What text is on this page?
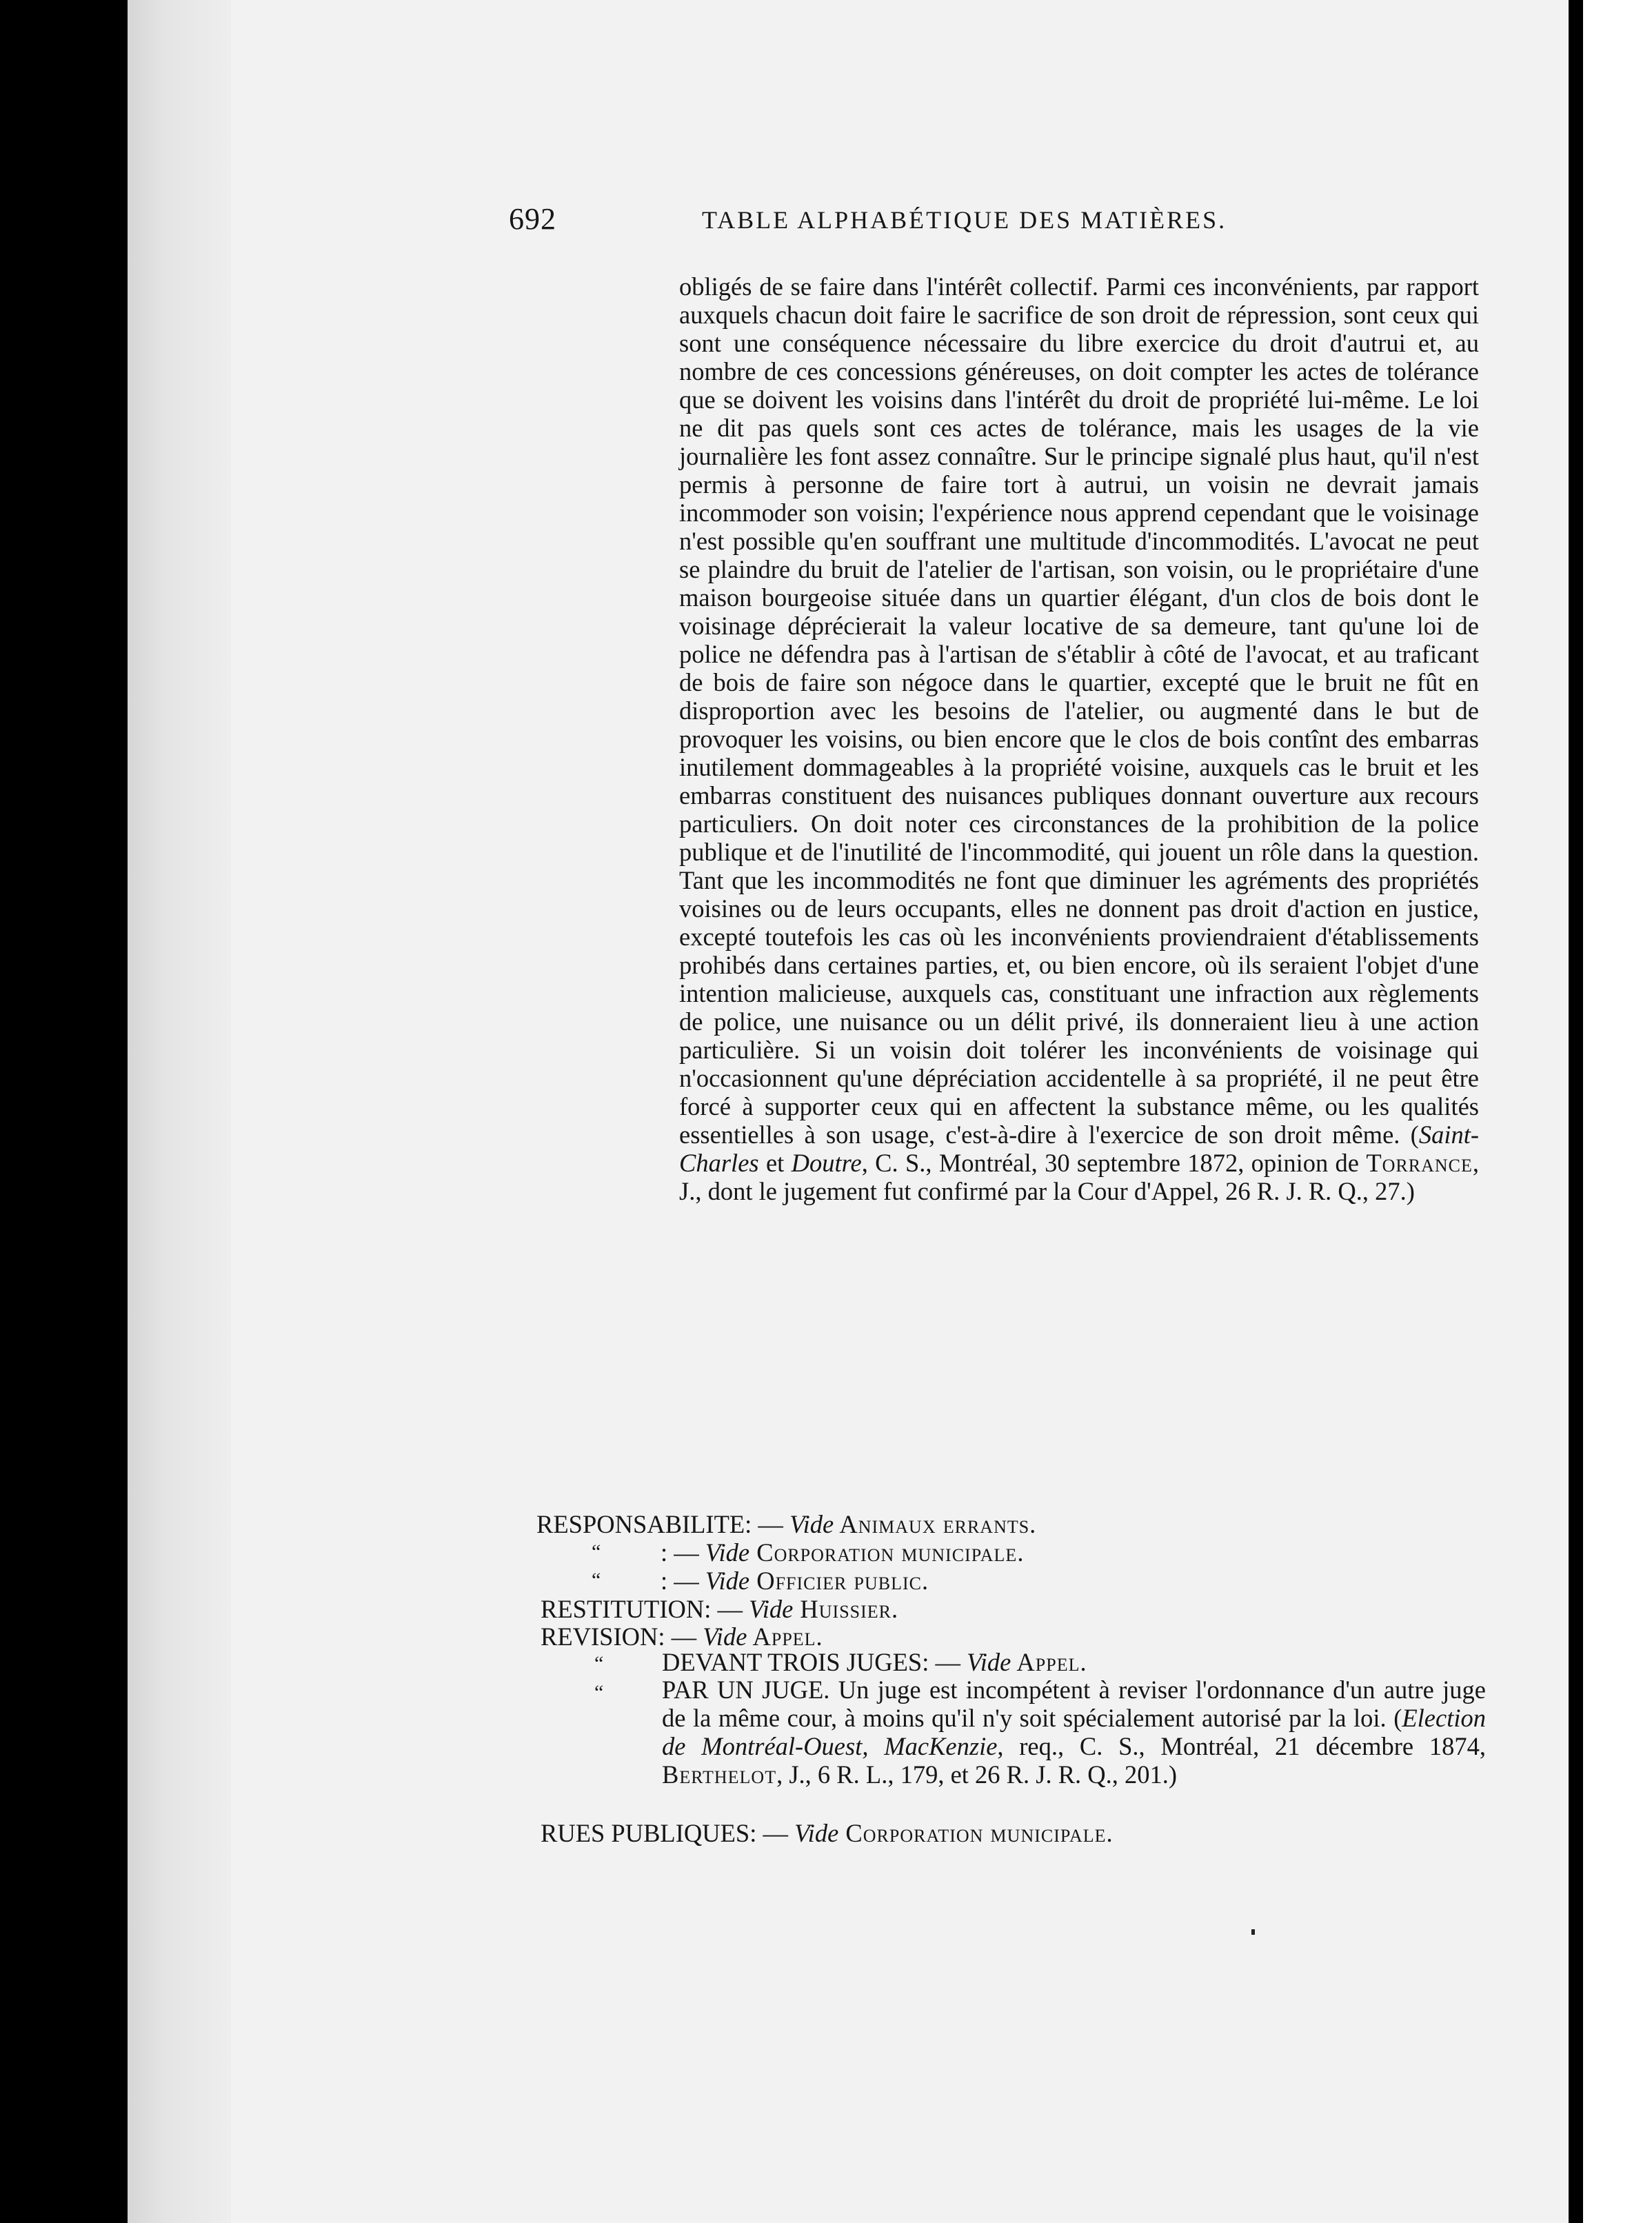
692	TABLE ALPHABÉTIQUE DES MATIÈRES.

obligés de se faire dans l'intérêt collectif. Parmi ces inconvénients, par rapport auxquels chacun doit faire le sacrifice de son droit de répression, sont ceux qui sont une conséquence nécessaire du libre exercice du droit d'autrui et, au nombre de ces concessions généreuses, on doit compter les actes de tolérance que se doivent les voisins dans l'intérêt du droit de propriété lui-même. Le loi ne dit pas quels sont ces actes de tolérance, mais les usages de la vie journalière les font assez connaître. Sur le principe signalé plus haut, qu'il n'est permis à personne de faire tort à autrui, un voisin ne devrait jamais incommoder son voisin; l'expérience nous apprend cependant que le voisinage n'est possible qu'en souffrant une multitude d'incommodités. L'avocat ne peut se plaindre du bruit de l'atelier de l'artisan, son voisin, ou le propriétaire d'une maison bourgeoise située dans un quartier élégant, d'un clos de bois dont le voisinage déprécierait la valeur locative de sa demeure, tant qu'une loi de police ne défendra pas à l'artisan de s'établir à côté de l'avocat, et au traficant de bois de faire son négoce dans le quartier, excepté que le bruit ne fût en disproportion avec les besoins de l'atelier, ou augmenté dans le but de provoquer les voisins, ou bien encore que le clos de bois contînt des embarras inutilement dommageables à la propriété voisine, auxquels cas le bruit et les embarras constituent des nuisances publiques donnant ouverture aux recours particuliers. On doit noter ces circonstances de la prohibition de la police publique et de l'inutilité de l'incommodité, qui jouent un rôle dans la question. Tant que les incommodités ne font que diminuer les agréments des propriétés voisines ou de leurs occupants, elles ne donnent pas droit d'action en justice, excepté toutefois les cas où les inconvénients proviendraient d'établissements prohibés dans certaines parties, et, ou bien encore, où ils seraient l'objet d'une intention malicieuse, auxquels cas, constituant une infraction aux règlements de police, une nuisance ou un délit privé, ils donneraient lieu à une action particulière. Si un voisin doit tolérer les inconvénients de voisinage qui n'occasionnent qu'une dépréciation accidentelle à sa propriété, il ne peut être forcé à supporter ceux qui en affectent la substance même, ou les qualités essentielles à son usage, c'est-à-dire à l'exercice de son droit même. (Saint-Charles et Doutre, C. S., Montréal, 30 septembre 1872, opinion de Torrance, J., dont le jugement fut confirmé par la Cour d'Appel, 26 R. J. R. Q., 27.)

RESPONSABILITE: — Vide Animaux errants.
“ : — Vide Corporation municipale.
“ : — Vide Officier public.
RESTITUTION: — Vide Huissier.
REVISION: — Vide Appel.
“ DEVANT TROIS JUGES: — Vide Appel.
“ PAR UN JUGE. Un juge est incompétent à reviser l'ordonnance d'un autre juge de la même cour, à moins qu'il n'y soit spécialement autorisé par la loi. (Election de Montréal-Ouest, MacKenzie, req., C. S., Montréal, 21 décembre 1874, Berthelot, J., 6 R. L., 179, et 26 R. J. R. Q., 201.)

RUES PUBLIQUES: — Vide Corporation municipale.
